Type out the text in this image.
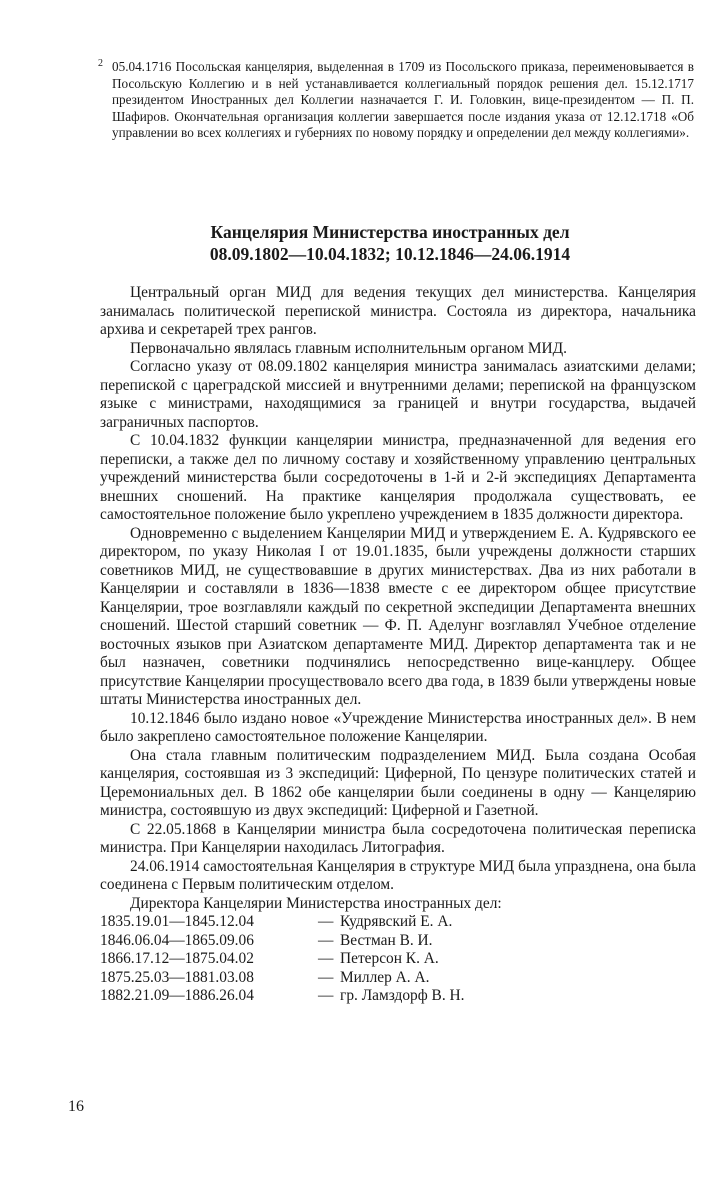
2 05.04.1716 Посольская канцелярия, выделенная в 1709 из Посольского приказа, переименовывается в Посольскую Коллегию и в ней устанавливается коллегиальный порядок решения дел. 15.12.1717 президентом Иностранных дел Коллегии назначается Г. И. Головкин, вице-президентом — П. П. Шафиров. Окончательная организация коллегии завершается после издания указа от 12.12.1718 «Об управлении во всех коллегиях и губерниях по новому порядку и определении дел между коллегиями».

Канцелярия Министерства иностранных дел
08.09.1802—10.04.1832; 10.12.1846—24.06.1914

Центральный орган МИД для ведения текущих дел министерства. Канцелярия занималась политической перепиской министра. Состояла из директора, начальника архива и секретарей трех рангов.

Первоначально являлась главным исполнительным органом МИД.

Согласно указу от 08.09.1802 канцелярия министра занималась азиатскими делами; перепиской с цареградской миссией и внутренними делами; перепиской на французском языке с министрами, находящимися за границей и внутри государства, выдачей заграничных паспортов.

С 10.04.1832 функции канцелярии министра, предназначенной для ведения его переписки, а также дел по личному составу и хозяйственному управлению центральных учреждений министерства были сосредоточены в 1-й и 2-й экспедициях Департамента внешних сношений. На практике канцелярия продолжала существовать, ее самостоятельное положение было укреплено учреждением в 1835 должности директора.

Одновременно с выделением Канцелярии МИД и утверждением Е. А. Кудрявского ее директором, по указу Николая I от 19.01.1835, были учреждены должности старших советников МИД, не существовавшие в других министерствах. Два из них работали в Канцелярии и составляли в 1836—1838 вместе с ее директором общее присутствие Канцелярии, трое возглавляли каждый по секретной экспедиции Департамента внешних сношений. Шестой старший советник — Ф. П. Аделунг возглавлял Учебное отделение восточных языков при Азиатском департаменте МИД. Директор департамента так и не был назначен, советники подчинялись непосредственно вице-канцлеру. Общее присутствие Канцелярии просуществовало всего два года, в 1839 были утверждены новые штаты Министерства иностранных дел.

10.12.1846 было издано новое «Учреждение Министерства иностранных дел». В нем было закреплено самостоятельное положение Канцелярии.

Она стала главным политическим подразделением МИД. Была создана Особая канцелярия, состоявшая из 3 экспедиций: Циферной, По цензуре политических статей и Церемониальных дел. В 1862 обе канцелярии были соединены в одну — Канцелярию министра, состоявшую из двух экспедиций: Циферной и Газетной.

С 22.05.1868 в Канцелярии министра была сосредоточена политическая переписка министра. При Канцелярии находилась Литография.

24.06.1914 самостоятельная Канцелярия в структуре МИД была упразднена, она была соединена с Первым политическим отделом.

Директора Канцелярии Министерства иностранных дел:

1835.19.01—1845.12.04	— Кудрявский Е. А.
1846.06.04—1865.09.06	— Вестман В. И.
1866.17.12—1875.04.02	— Петерсон К. А.
1875.25.03—1881.03.08	— Миллер А. А.
1882.21.09—1886.26.04	— гр. Ламздорф В. Н.
16
